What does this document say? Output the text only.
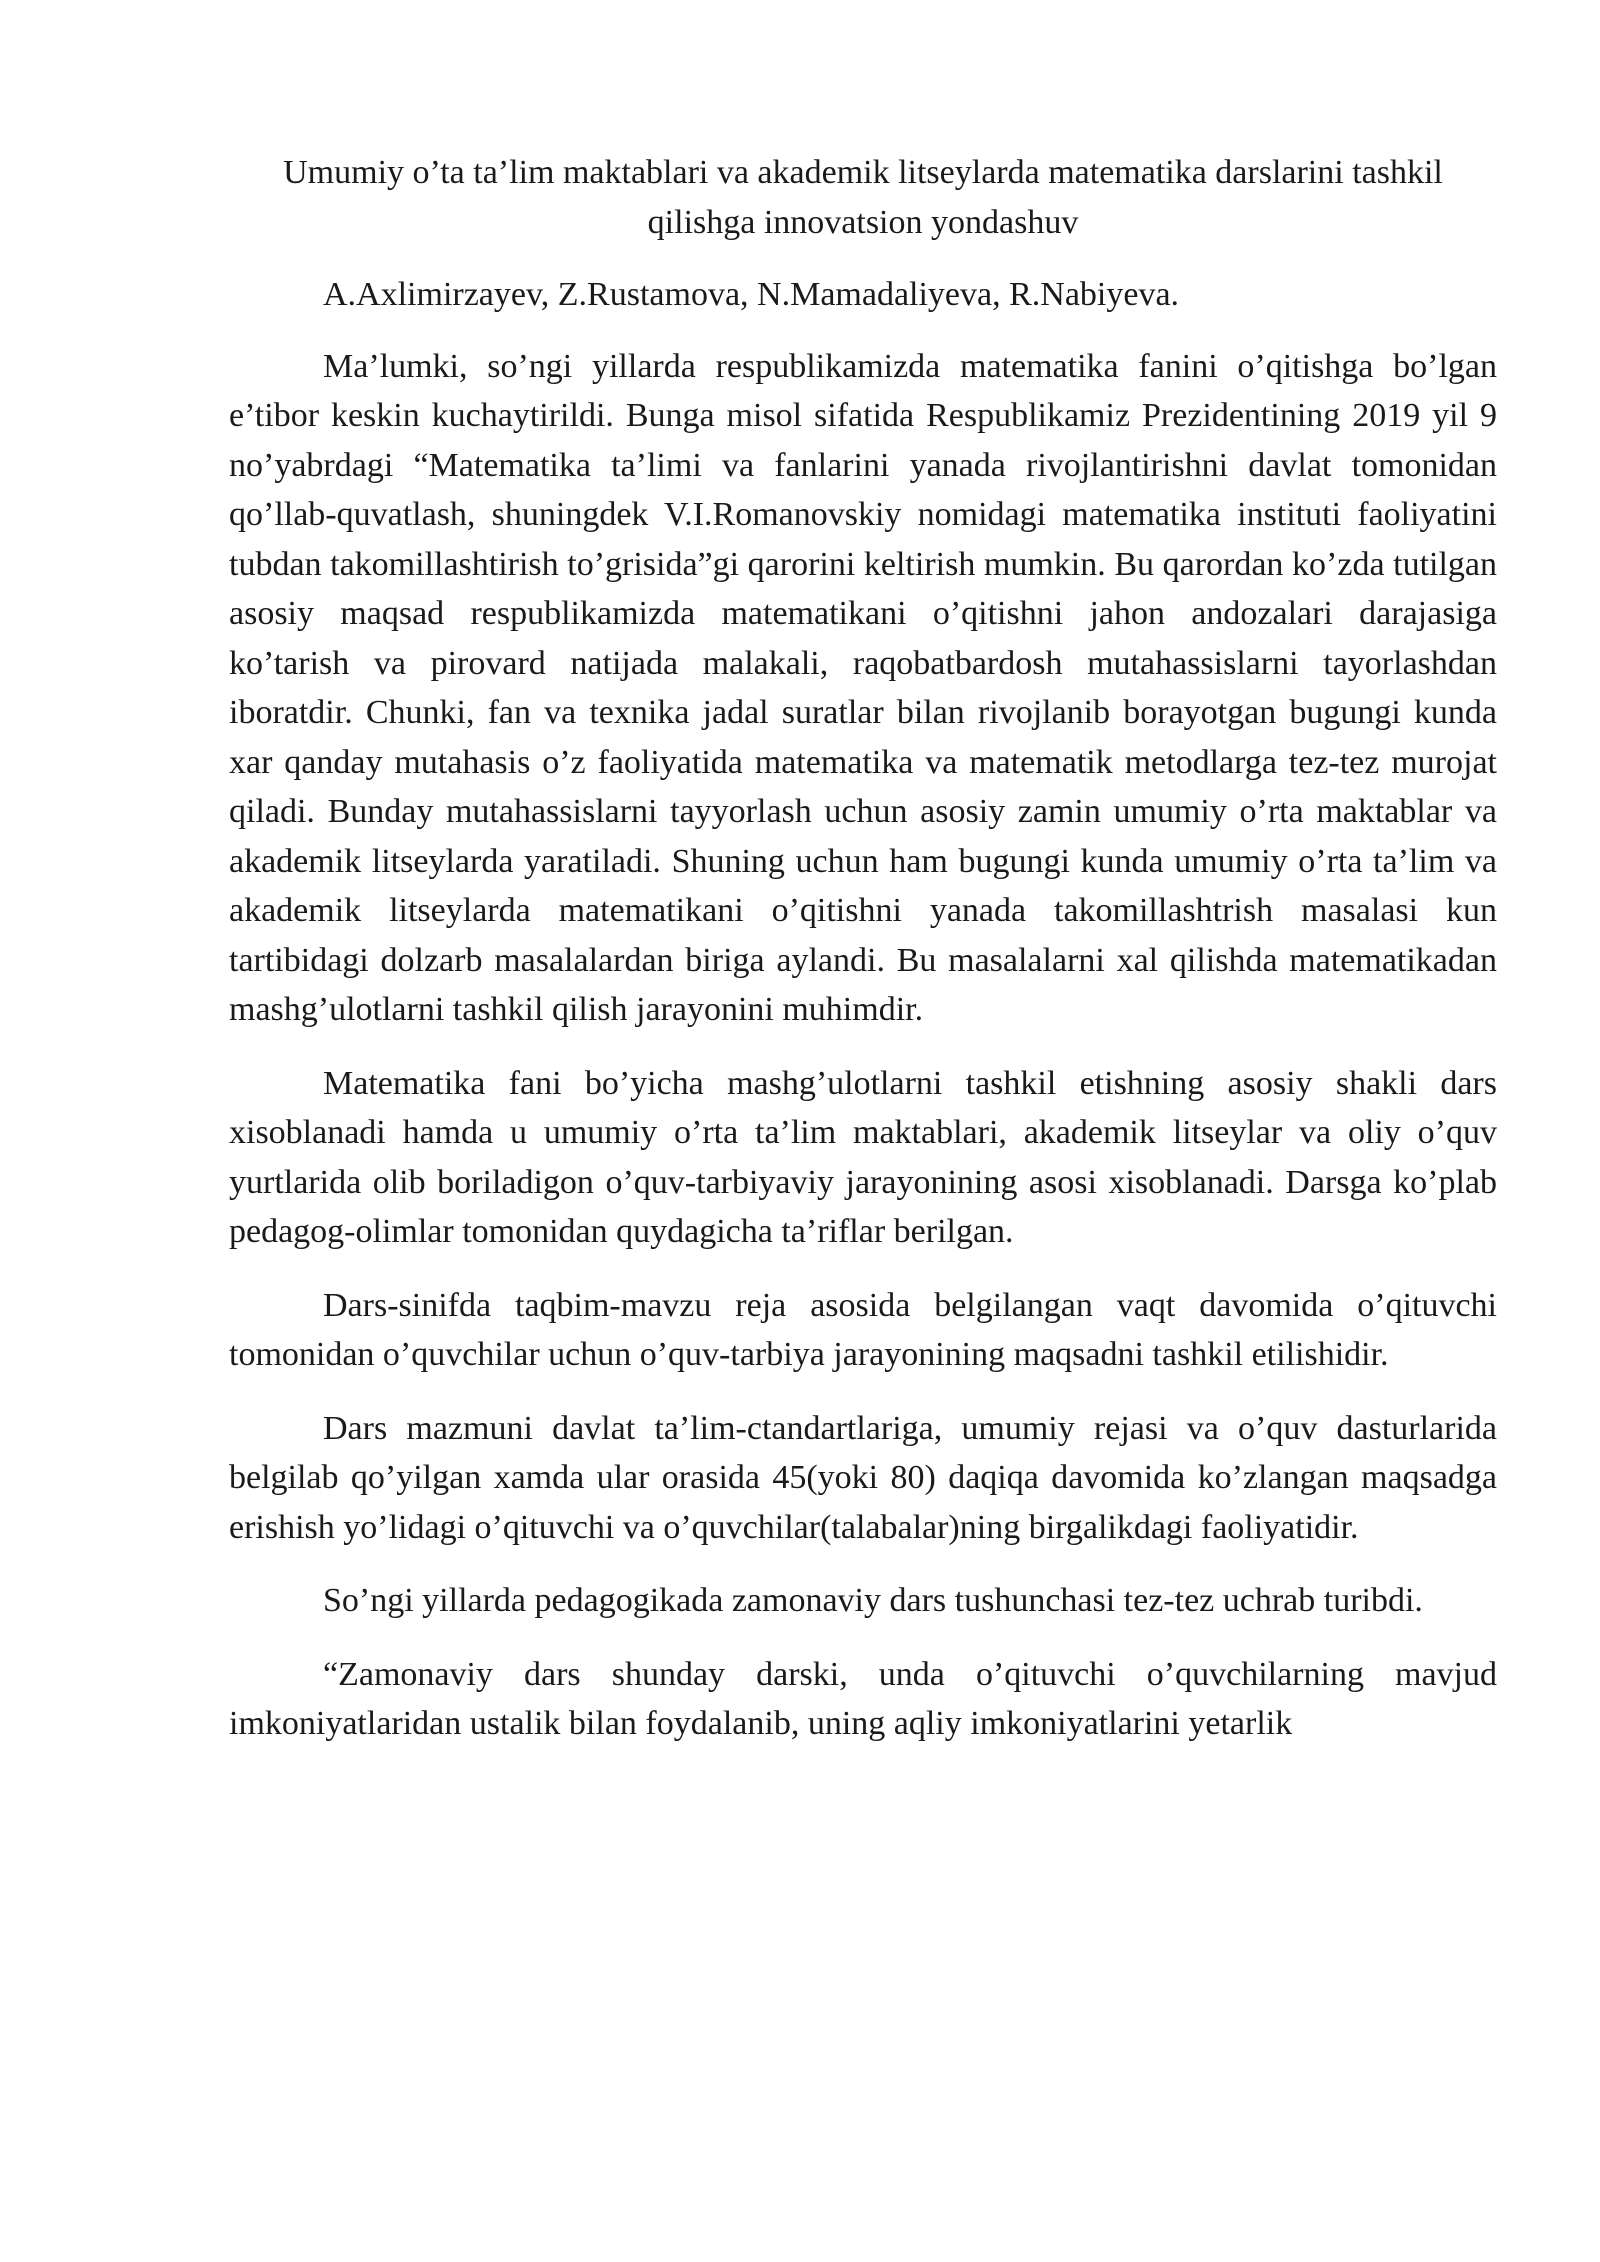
Umumiy o’ta ta’lim maktablari va akademik litseylarda matematika darslarini tashkil qilishga innovatsion yondashuv

A.Axlimirzayev, Z.Rustamova, N.Mamadaliyeva, R.Nabiyeva.

Ma’lumki, so’ngi yillarda respublikamizda matematika fanini o’qitishga bo’lgan e’tibor keskin kuchaytirildi. Bunga misol sifatida Respublikamiz Prezidentining 2019 yil 9 no’yabrdagi “Matematika ta’limi va fanlarini yanada rivojlantirishni davlat tomonidan qo’llab-quvatlash, shuningdek V.I.Romanovskiy nomidagi matematika instituti faoliyatini tubdan takomillashtirish to’grisida”gi qarorini keltirish mumkin. Bu qarordan ko’zda tutilgan asosiy maqsad respublikamizda matematikani o’qitishni jahon andozalari darajasiga ko’tarish va pirovard natijada malakali, raqobatbardosh mutahassislarni tayorlashdan iboratdir. Chunki, fan va texnika jadal suratlar bilan rivojlanib borayotgan bugungi kunda xar qanday mutahasis o’z faoliyatida matematika va matematik metodlarga tez-tez murojat qiladi. Bunday mutahassislarni tayyorlash uchun asosiy zamin umumiy o’rta maktablar va akademik litseylarda yaratiladi. Shuning uchun ham bugungi kunda umumiy o’rta ta’lim va akademik litseylarda matematikani o’qitishni yanada takomillashtrish masalasi kun tartibidagi dolzarb masalalardan biriga aylandi. Bu masalalarni xal qilishda matematikadan mashg’ulotlarni tashkil qilish jarayonini muhimdir.

Matematika fani bo’yicha mashg’ulotlarni tashkil etishning asosiy shakli dars xisoblanadi hamda u umumiy o’rta ta’lim maktablari, akademik litseylar va oliy o’quv yurtlarida olib boriladigon o’quv-tarbiyaviy jarayonining asosi xisoblanadi. Darsga ko’plab pedagog-olimlar tomonidan quydagicha ta’riflar berilgan.

Dars-sinifda taqbim-mavzu reja asosida belgilangan vaqt davomida o’qituvchi tomonidan o’quvchilar uchun o’quv-tarbiya jarayonining maqsadni tashkil etilishidir.

Dars mazmuni davlat ta’lim-ctandartlariga, umumiy rejasi va o’quv dasturlarida belgilab qo’yilgan xamda ular orasida 45(yoki 80) daqiqa davomida ko’zlangan maqsadga erishish yo’lidagi o’qituvchi va o’quvchilar(talabalar)ning birgalikdagi faoliyatidir.

So’ngi yillarda pedagogikada zamonaviy dars tushunchasi tez-tez uchrab turibdi.

“Zamonaviy dars shunday darski, unda o’qituvchi o’quvchilarning mavjud imkoniyatlaridan ustalik bilan foydalanib, uning aqliy imkoniyatlarini yetarlik
